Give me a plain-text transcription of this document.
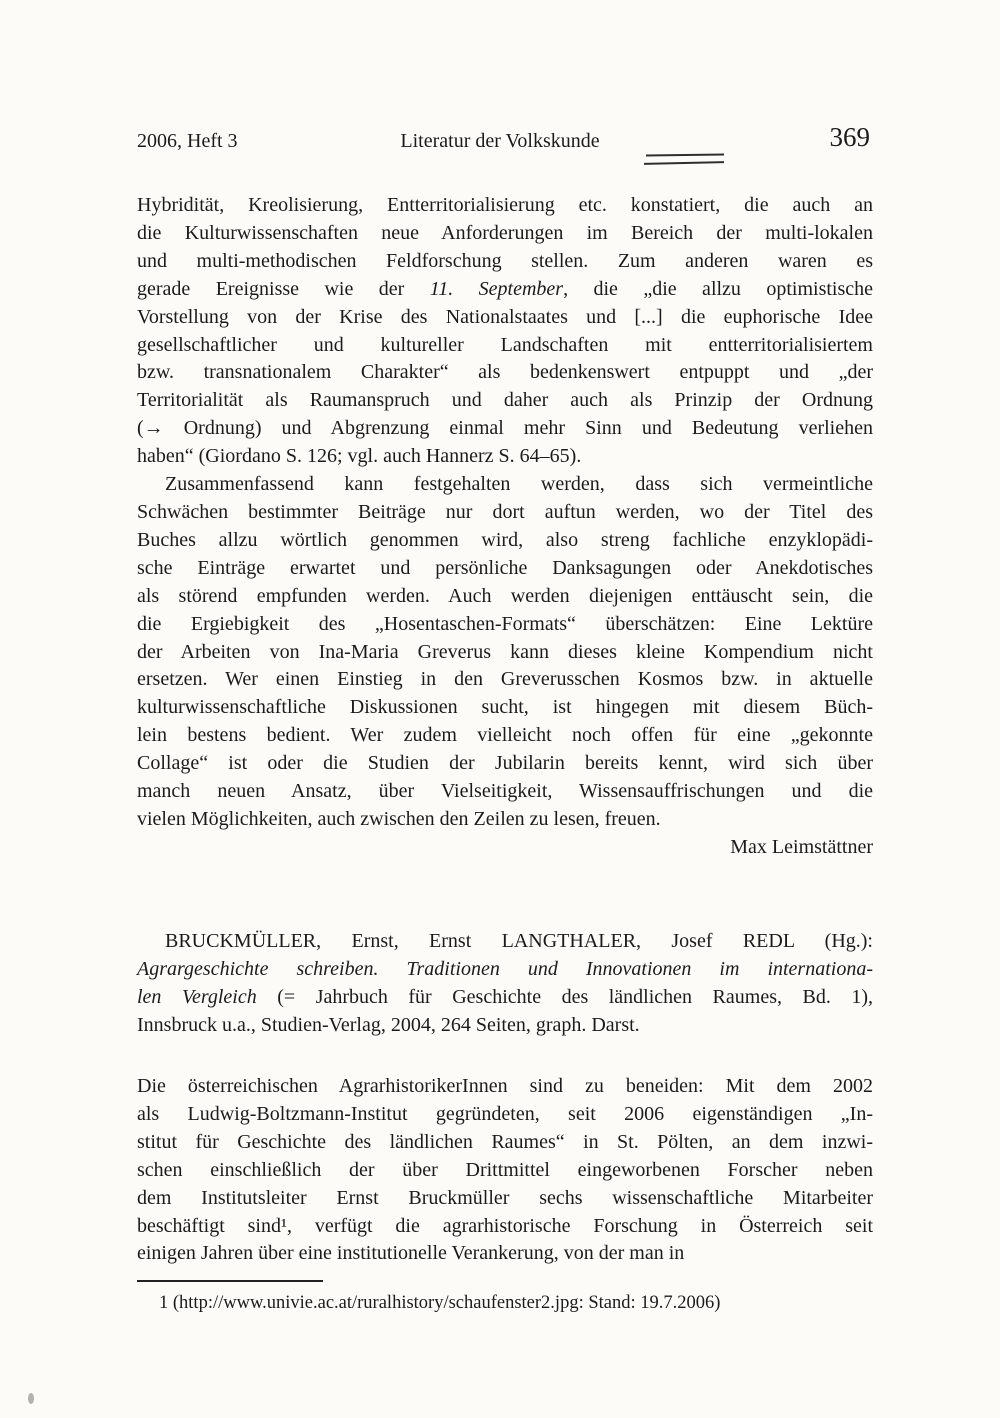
2006, Heft 3	Literatur der Volkskunde	369
Hybridität, Kreolisierung, Entterritorialisierung etc. konstatiert, die auch an
die Kulturwissenschaften neue Anforderungen im Bereich der multi-lokalen
und multi-methodischen Feldforschung stellen. Zum anderen waren es
gerade Ereignisse wie der 11. September, die „die allzu optimistische
Vorstellung von der Krise des Nationalstaates und [...] die euphorische Idee
gesellschaftlicher und kultureller Landschaften mit entterritorialisiertem
bzw. transnationalem Charakter“ als bedenkenswert entpuppt und „der
Territorialität als Raumanspruch und daher auch als Prinzip der Ordnung
(→ Ordnung) und Abgrenzung einmal mehr Sinn und Bedeutung verliehen
haben“ (Giordano S. 126; vgl. auch Hannerz S. 64–65).
Zusammenfassend kann festgehalten werden, dass sich vermeintliche
Schwächen bestimmter Beiträge nur dort auftun werden, wo der Titel des
Buches allzu wörtlich genommen wird, also streng fachliche enzyklopädi-
sche Einträge erwartet und persönliche Danksagungen oder Anekdotisches
als störend empfunden werden. Auch werden diejenigen enttäuscht sein, die
die Ergiebigkeit des „Hosentaschen-Formats“ überschätzen: Eine Lektüre
der Arbeiten von Ina-Maria Greverus kann dieses kleine Kompendium nicht
ersetzen. Wer einen Einstieg in den Greverusschen Kosmos bzw. in aktuelle
kulturwissenschaftliche Diskussionen sucht, ist hingegen mit diesem Büch-
lein bestens bedient. Wer zudem vielleicht noch offen für eine „gekonnte
Collage“ ist oder die Studien der Jubilarin bereits kennt, wird sich über
manch neuen Ansatz, über Vielseitigkeit, Wissensauffrischungen und die
vielen Möglichkeiten, auch zwischen den Zeilen zu lesen, freuen.
Max Leimstättner
BRUCKMÜLLER, Ernst, Ernst LANGTHALER, Josef REDL (Hg.):
Agrargeschichte schreiben. Traditionen und Innovationen im internationa-
len Vergleich (= Jahrbuch für Geschichte des ländlichen Raumes, Bd. 1),
Innsbruck u.a., Studien-Verlag, 2004, 264 Seiten, graph. Darst.
Die österreichischen AgrarhistorikerInnen sind zu beneiden: Mit dem 2002
als Ludwig-Boltzmann-Institut gegründeten, seit 2006 eigenständigen „In-
stitut für Geschichte des ländlichen Raumes“ in St. Pölten, an dem inzwi-
schen einschließlich der über Drittmittel eingeworbenen Forscher neben
dem Institutsleiter Ernst Bruckmüller sechs wissenschaftliche Mitarbeiter
beschäftigt sind¹, verfügt die agrarhistorische Forschung in Österreich seit
einigen Jahren über eine institutionelle Verankerung, von der man in
1 (http://www.univie.ac.at/ruralhistory/schaufenster2.jpg: Stand: 19.7.2006)
